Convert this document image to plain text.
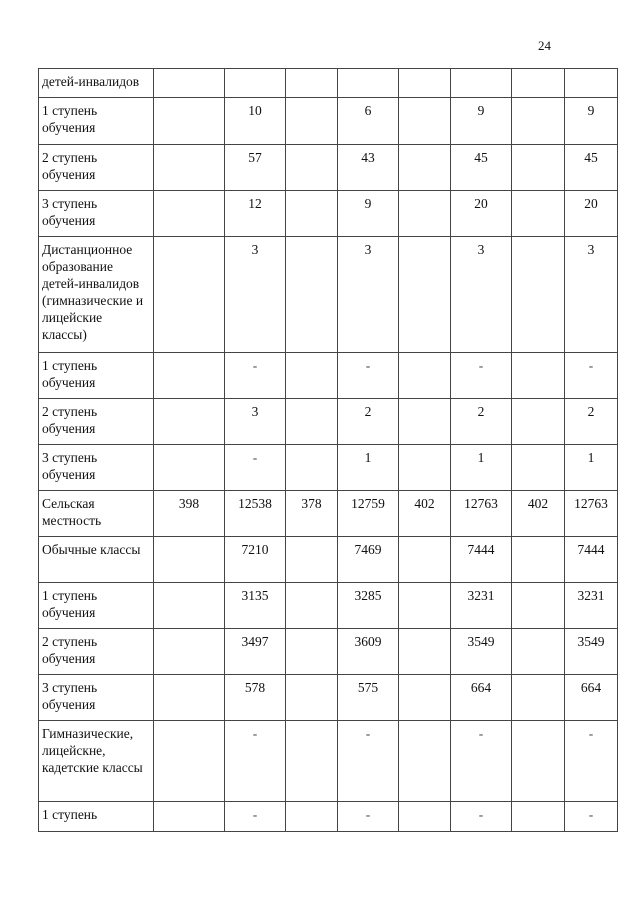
24
детей-инвалидов								
1 ступень обучения		10		6		9		9
2 ступень обучения		57		43		45		45
3 ступень обучения		12		9		20		20
Дистанционное образование детей-инвалидов (гимназические и лицейские классы)		3		3		3		3
1 ступень обучения		-		-		-		-
2 ступень обучения		3		2		2		2
3 ступень обучения		-		1		1		1
Сельская местность	398	12538	378	12759	402	12763	402	12763
Обычные классы		7210		7469		7444		7444
1 ступень обучения		3135		3285		3231		3231
2 ступень обучения		3497		3609		3549		3549
3 ступень обучения		578		575		664		664
Гимназические, лицейскне, кадетские классы		-		-		-		-
1 ступень		-		-		-		-
